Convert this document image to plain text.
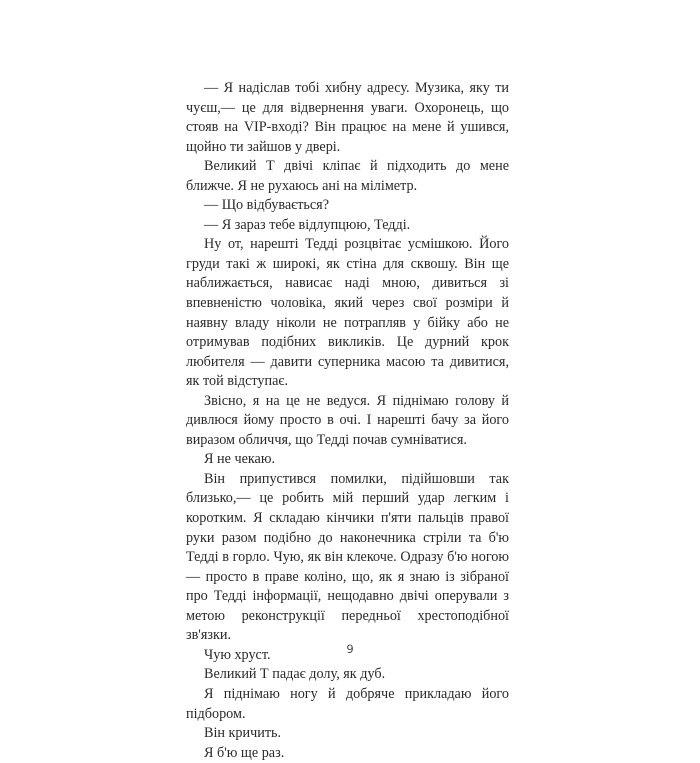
— Я надіслав тобі хибну адресу. Музика, яку ти чуєш,— це для відвернення уваги. Охоронець, що стояв на VIP-вході? Він працює на мене й ушився, щойно ти зайшов у двері.

Великий Т двічі кліпає й підходить до мене ближче. Я не рухаюсь ані на міліметр.

— Що відбувається?

— Я зараз тебе відлупцюю, Тедді.

Ну от, нарешті Тедді розцвітає усмішкою. Його груди такі ж широкі, як стіна для сквошу. Він ще наближається, нависає наді мною, дивиться зі впевненістю чоловіка, який через свої розміри й наявну владу ніколи не потрапляв у бійку або не отримував подібних викликів. Це дурний крок любителя — давити суперника масою та дивитися, як той відступає.

Звісно, я на це не ведуся. Я піднімаю голову й дивлюся йому просто в очі. І нарешті бачу за його виразом обличчя, що Тедді почав сумніватися.

Я не чекаю.

Він припустився помилки, підійшовши так близько,— це робить мій перший удар легким і коротким. Я складаю кінчики п'яти пальців правої руки разом подібно до наконечника стріли та б'ю Тедді в горло. Чую, як він клекоче. Одразу б'ю ногою — просто в праве коліно, що, як я знаю із зібраної про Тедді інформації, нещодавно двічі оперували з метою реконструкції передньої хрестоподібної зв'язки.

Чую хруст.

Великий Т падає долу, як дуб.

Я піднімаю ногу й добряче прикладаю його підбором.

Він кричить.

Я б'ю ще раз.

9
